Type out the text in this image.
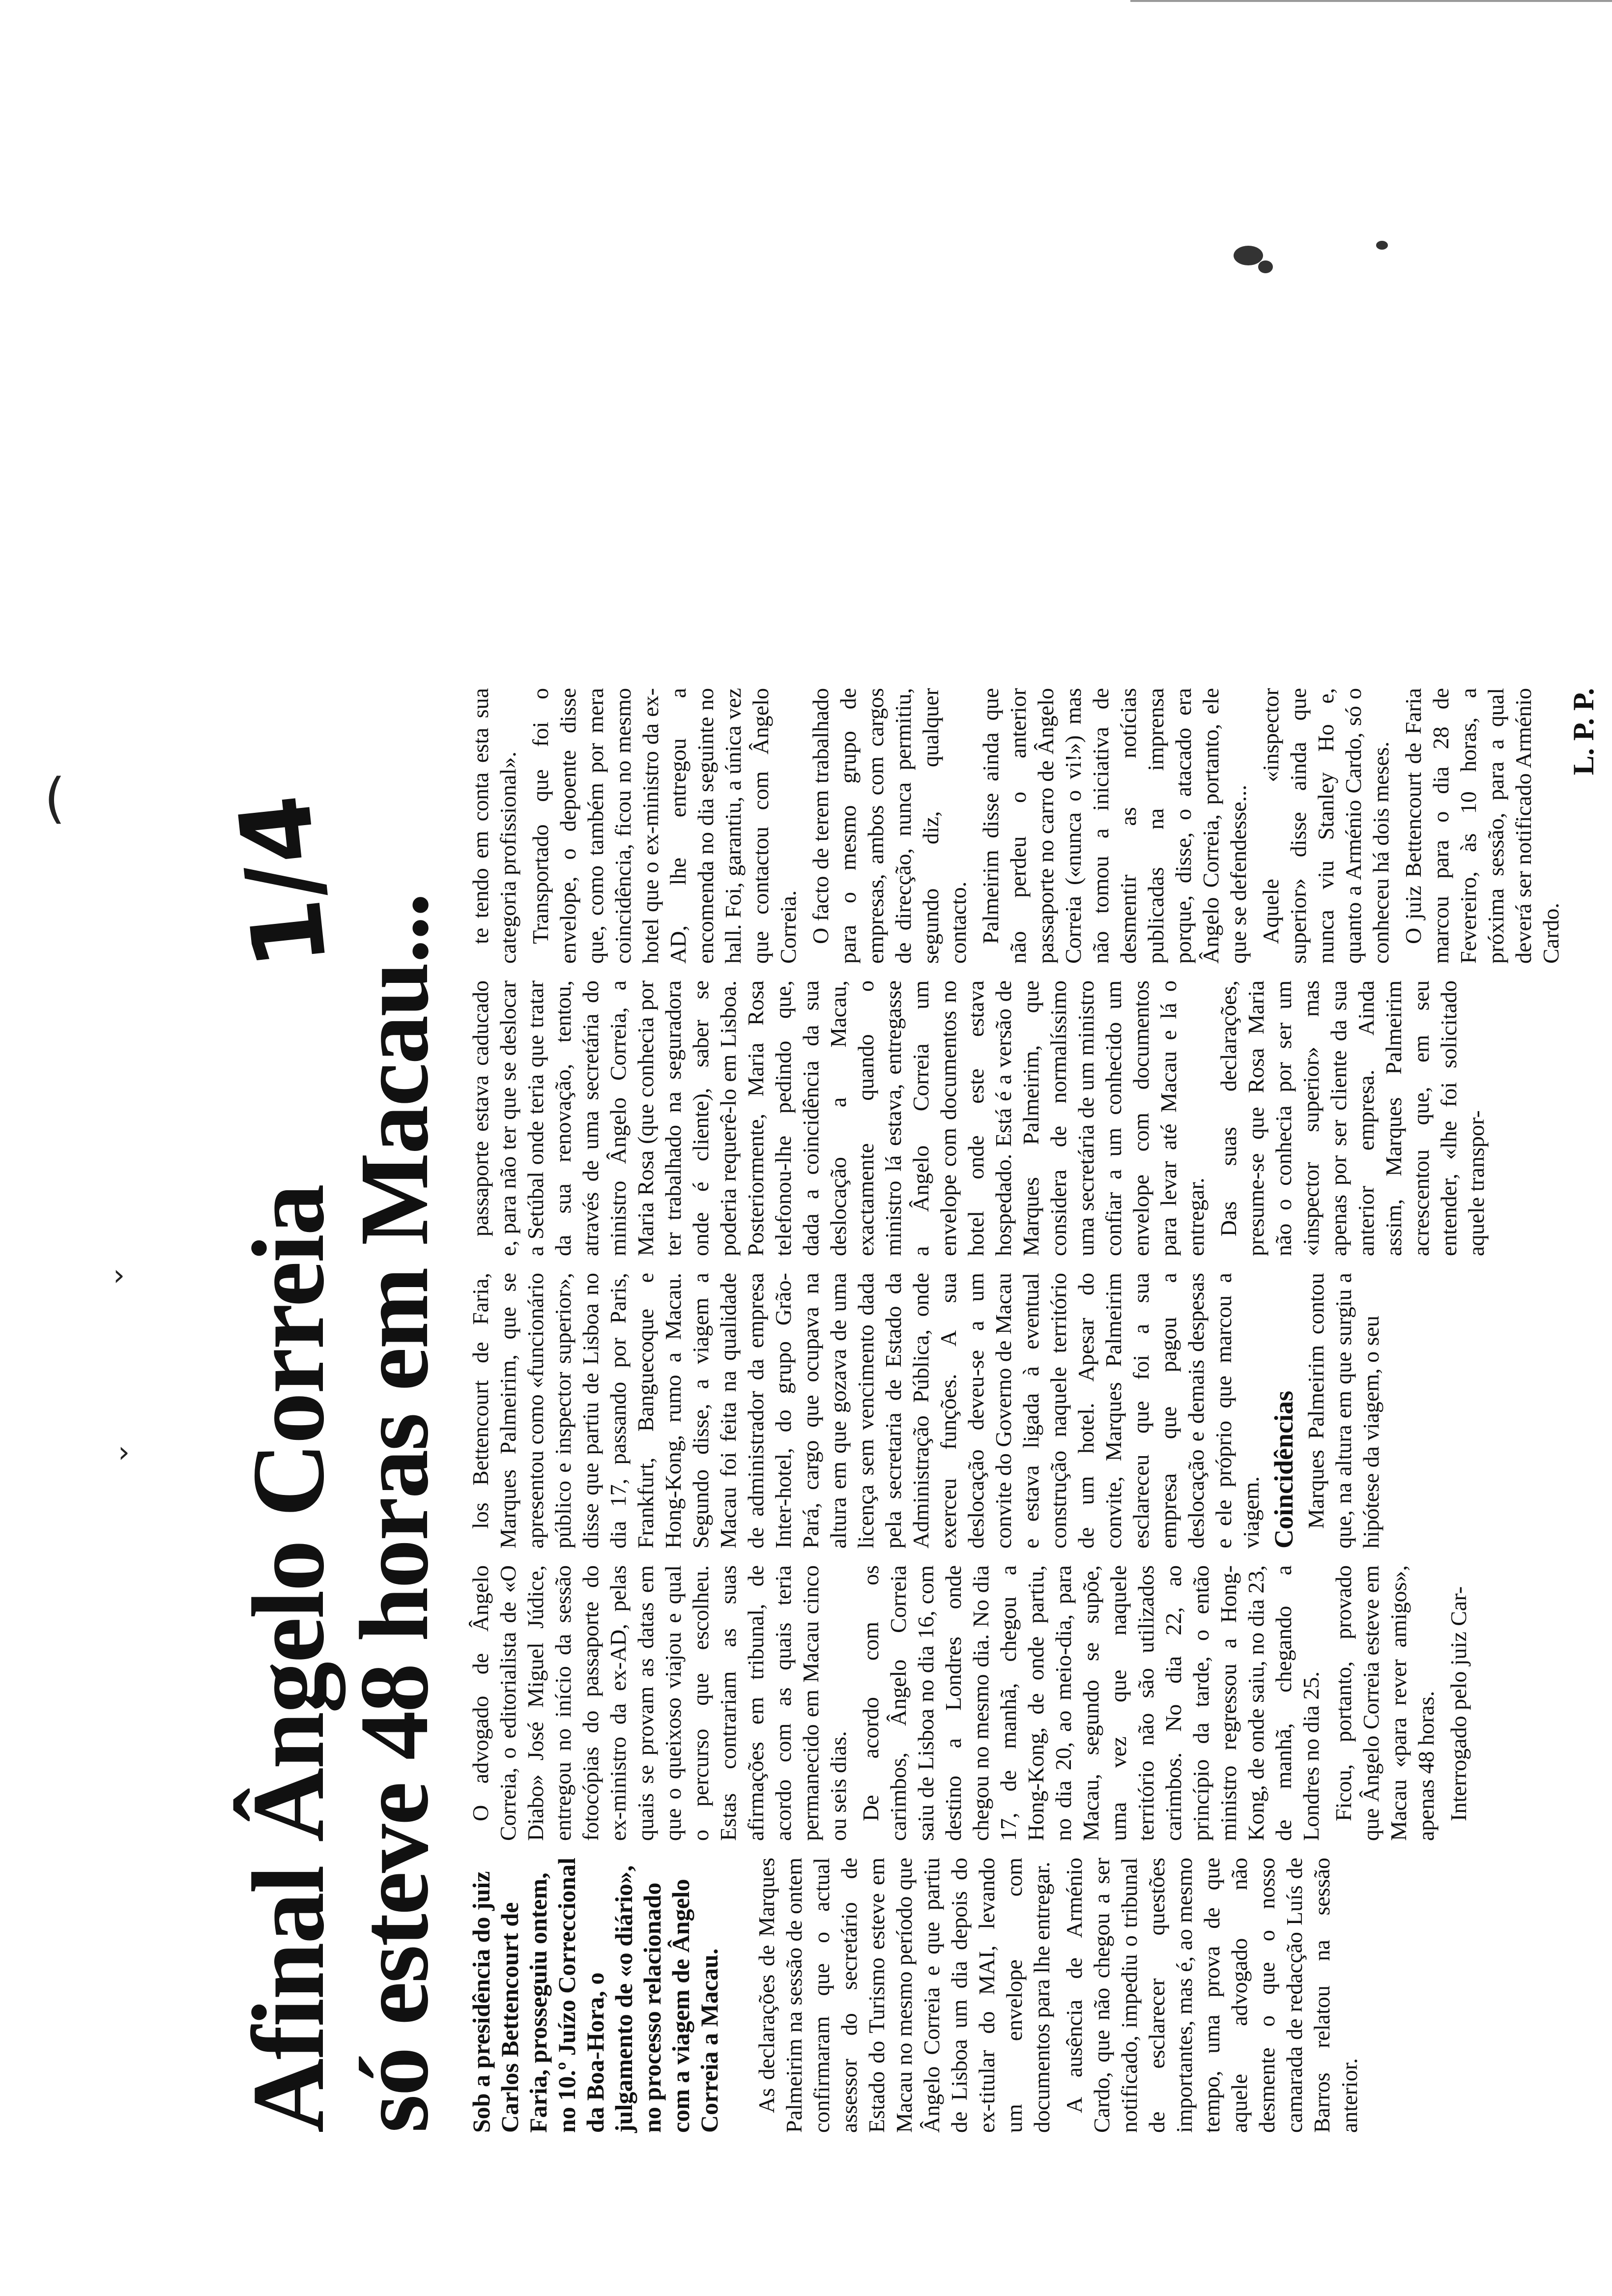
(
›
›
1/4
Afinal Ângelo Correia
só esteve 48 horas em Macau... Sob a presidência do juiz Carlos Bettencourt de Faria, prosseguiu ontem, no 10.º Juízo Correccional da Boa-Hora, o julgamento de «o diário», no processo relacionado com a viagem de Ângelo Correia a Macau. As declarações de Marques Palmeirim na sessão de ontem confirmaram que o actual assessor do secretário de Estado do Turismo esteve em Macau no mesmo período que Ângelo Correia e que partiu de Lisboa um dia depois do ex-titular do MAI, levando um envelope com documentos para lhe entregar. A ausência de Arménio Cardo, que não chegou a ser notificado, impediu o tribunal de esclarecer questões importantes, mas é, ao mesmo tempo, uma prova de que aquele advogado não desmente o que o nosso camarada de redacção Luís de Barros relatou na sessão anterior.

O advogado de Ângelo Correia, o editorialista de «O Diabo» José Miguel Júdice, entregou no início da sessão fotocópias do passaporte do ex-ministro da ex-AD, pelas quais se provam as datas em que o queixoso viajou e qual o percurso que escolheu. Estas contrariam as suas afirmações em tribunal, de acordo com as quais teria permanecido em Macau cinco ou seis dias. De acordo com os carimbos, Ângelo Correia saiu de Lisboa no dia 16, com destino a Londres onde chegou no mesmo dia. No dia 17, de manhã, chegou a Hong-Kong, de onde partiu, no dia 20, ao meio-dia, para Macau, segundo se supõe, uma vez que naquele território não são utilizados carimbos. No dia 22, ao princípio da tarde, o então ministro regressou a Hong-Kong, de onde saiu, no dia 23, de manhã, chegando a Londres no dia 25. Ficou, portanto, provado que Ângelo Correia esteve em Macau «para rever amigos», apenas 48 horas. Interrogado pelo juiz Car-

los Bettencourt de Faria, Marques Palmeirim, que se apresentou como «funcionário público e inspector superior», disse que partiu de Lisboa no dia 17, passando por Paris, Frankfurt, Banguecoque e Hong-Kong, rumo a Macau. Segundo disse, a viagem a Macau foi feita na qualidade de administrador da empresa Inter-hotel, do grupo Grão-Pará, cargo que ocupava na altura em que gozava de uma licença sem vencimento dada pela secretaria de Estado da Administração Pública, onde exerceu funções. A sua deslocação deveu-se a um convite do Governo de Macau e estava ligada à eventual construção naquele território de um hotel. Apesar do convite, Marques Palmeirim esclareceu que foi a sua empresa que pagou a deslocação e demais despesas e ele próprio que marcou a viagem. Coincidências Marques Palmeirim contou que, na altura em que surgiu a hipótese da viagem, o seu

passaporte estava caducado e, para não ter que se deslocar a Setúbal onde teria que tratar da sua renovação, tentou, através de uma secretária do ministro Ângelo Correia, a Maria Rosa (que conhecia por ter trabalhado na seguradora onde é cliente), saber se poderia requerê-lo em Lisboa. Posteriormente, Maria Rosa telefonou-lhe pedindo que, dada a coincidência da sua deslocação a Macau, exactamente quando o ministro lá estava, entregasse a Ângelo Correia um envelope com documentos no hotel onde este estava hospedado. Está é a versão de Marques Palmeirim, que considera de normalíssimo uma secretária de um ministro confiar a um conhecido um envelope com documentos para levar até Macau e lá o entregar. Das suas declarações, presume-se que Rosa Maria não o conhecia por ser um «inspector superior» mas apenas por ser cliente da sua anterior empresa. Ainda assim, Marques Palmeirim acrescentou que, em seu entender, «lhe foi solicitado aquele transpor-

te tendo em conta esta sua categoria profissional». Transportado que foi o envelope, o depoente disse que, como também por mera coincidência, ficou no mesmo hotel que o ex-ministro da ex-AD, lhe entregou a encomenda no dia seguinte no hall. Foi, garantiu, a única vez que contactou com Ângelo Correia. O facto de terem trabalhado para o mesmo grupo de empresas, ambos com cargos de direcção, nunca permitiu, segundo diz, qualquer contacto. Palmeirim disse ainda que não perdeu o anterior passaporte no carro de Ângelo Correia («nunca o vi!») mas não tomou a iniciativa de desmentir as notícias publicadas na imprensa porque, disse, o atacado era Ângelo Correia, portanto, ele que se defendesse... Aquele «inspector superior» disse ainda que nunca viu Stanley Ho e, quanto a Arménio Cardo, só o conheceu há dois meses. O juiz Bettencourt de Faria marcou para o dia 28 de Fevereiro, às 10 horas, a próxima sessão, para a qual deverá ser notificado Arménio Cardo.

L. P. P.
